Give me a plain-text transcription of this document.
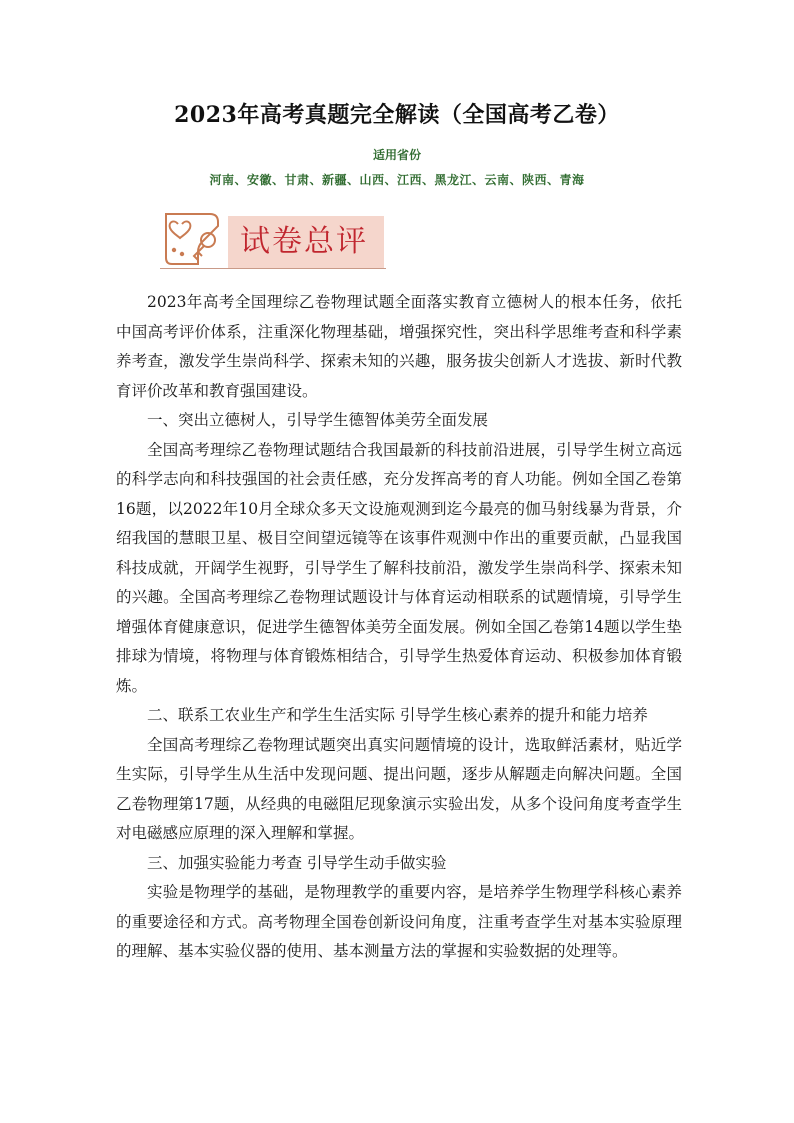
2023年高考真题完全解读（全国高考乙卷）
适用省份
河南、安徽、甘肃、新疆、山西、江西、黑龙江、云南、陕西、青海
试卷总评

2023年高考全国理综乙卷物理试题全面落实教育立德树人的根本任务，依托中国高考评价体系，注重深化物理基础，增强探究性，突出科学思维考查和科学素养考查，激发学生崇尚科学、探索未知的兴趣，服务拔尖创新人才选拔、新时代教育评价改革和教育强国建设。

一、突出立德树人，引导学生德智体美劳全面发展

全国高考理综乙卷物理试题结合我国最新的科技前沿进展，引导学生树立高远的科学志向和科技强国的社会责任感，充分发挥高考的育人功能。例如全国乙卷第16题，以2022年10月全球众多天文设施观测到迄今最亮的伽马射线暴为背景，介绍我国的慧眼卫星、极目空间望远镜等在该事件观测中作出的重要贡献，凸显我国科技成就，开阔学生视野，引导学生了解科技前沿，激发学生崇尚科学、探索未知的兴趣。全国高考理综乙卷物理试题设计与体育运动相联系的试题情境，引导学生增强体育健康意识，促进学生德智体美劳全面发展。例如全国乙卷第14题以学生垫排球为情境，将物理与体育锻炼相结合，引导学生热爱体育运动、积极参加体育锻炼。

二、联系工农业生产和学生生活实际 引导学生核心素养的提升和能力培养

全国高考理综乙卷物理试题突出真实问题情境的设计，选取鲜活素材，贴近学生实际，引导学生从生活中发现问题、提出问题，逐步从解题走向解决问题。全国乙卷物理第17题，从经典的电磁阻尼现象演示实验出发，从多个设问角度考查学生对电磁感应原理的深入理解和掌握。

三、加强实验能力考查 引导学生动手做实验

实验是物理学的基础，是物理教学的重要内容，是培养学生物理学科核心素养的重要途径和方式。高考物理全国卷创新设问角度，注重考查学生对基本实验原理的理解、基本实验仪器的使用、基本测量方法的掌握和实验数据的处理等。
